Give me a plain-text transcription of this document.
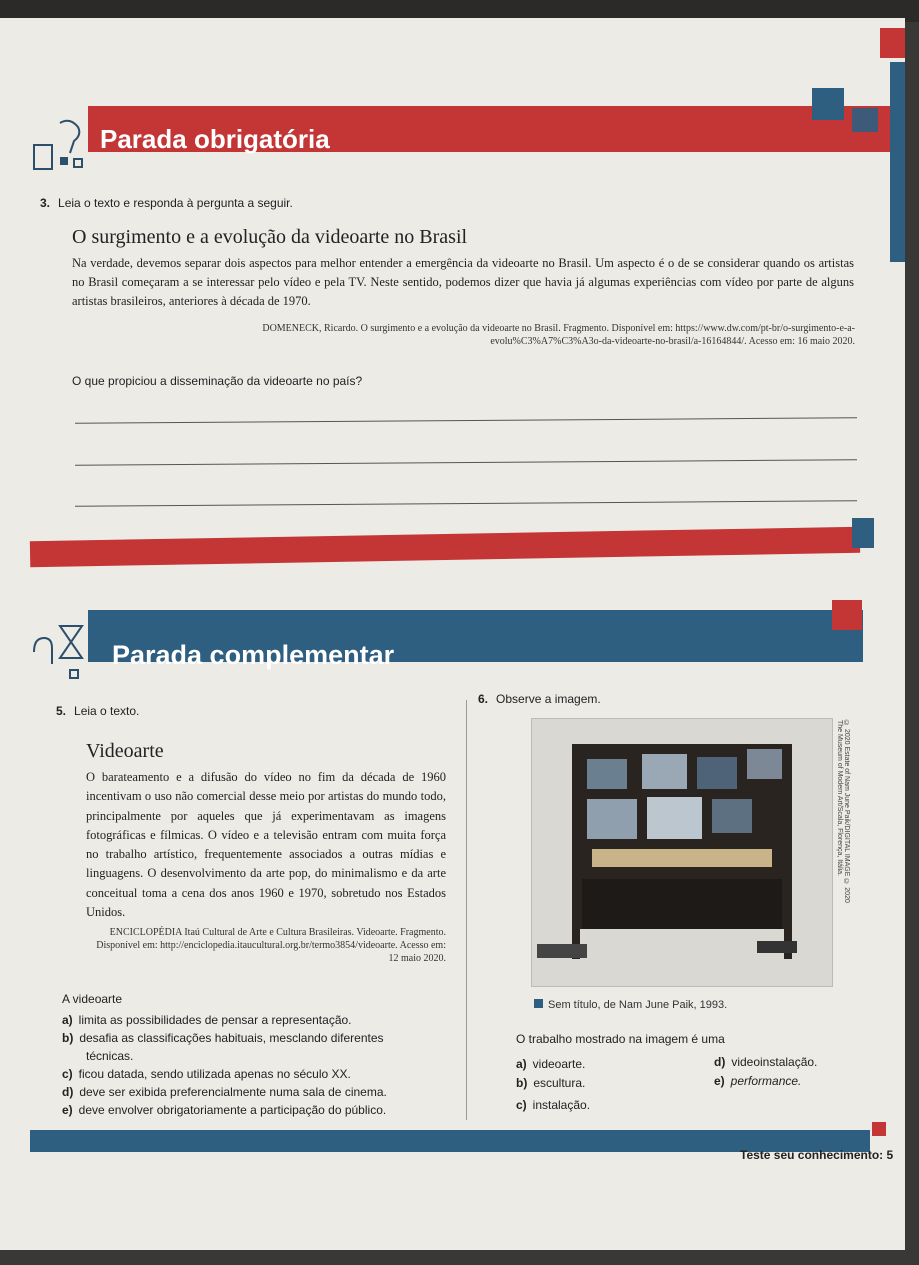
Parada obrigatória
3. Leia o texto e responda à pergunta a seguir.
O surgimento e a evolução da videoarte no Brasil
Na verdade, devemos separar dois aspectos para melhor entender a emergência da videoarte no Brasil. Um aspecto é o de se considerar quando os artistas no Brasil começaram a se interessar pelo vídeo e pela TV. Neste sentido, podemos dizer que havia já algumas experiências com vídeo por parte de alguns artistas brasileiros, anteriores à década de 1970.
DOMENECK, Ricardo. O surgimento e a evolução da videoarte no Brasil. Fragmento. Disponível em: https://www.dw.com/pt-br/o-surgimento-e-a-evolu%C3%A7%C3%A3o-da-videoarte-no-brasil/a-16164844/. Acesso em: 16 maio 2020.
O que propiciou a disseminação da videoarte no país?
Parada complementar
5. Leia o texto.
Videoarte
O barateamento e a difusão do vídeo no fim da década de 1960 incentivam o uso não comercial desse meio por artistas do mundo todo, principalmente por aqueles que já experimentavam as imagens fotográficas e fílmicas. O vídeo e a televisão entram com muita força no trabalho artístico, frequentemente associados a outras mídias e linguagens. O desenvolvimento da arte pop, do minimalismo e da arte conceitual toma a cena dos anos 1960 e 1970, sobretudo nos Estados Unidos.
ENCICLOPÉDIA Itaú Cultural de Arte e Cultura Brasileiras. Videoarte. Fragmento. Disponível em: http://enciclopedia.itaucultural.org.br/termo3854/videoarte. Acesso em: 12 maio 2020.
A videoarte
a) limita as possibilidades de pensar a representação.
b) desafia as classificações habituais, mesclando diferentes
técnicas.
c) ficou datada, sendo utilizada apenas no século XX.
d) deve ser exibida preferencialmente numa sala de cinema.
e) deve envolver obrigatoriamente a participação do público.
6. Observe a imagem.
© 2020 Estate of Nam June Paik/DIGITAL IMAGE © 2020 The Museum of Modern Art/Scala, Florença, Itália.
Sem título, de Nam June Paik, 1993.
O trabalho mostrado na imagem é uma
a) videoarte.
b) escultura.
c) instalação.
d) videoinstalação.
e) performance.
Teste seu conhecimento: 5
